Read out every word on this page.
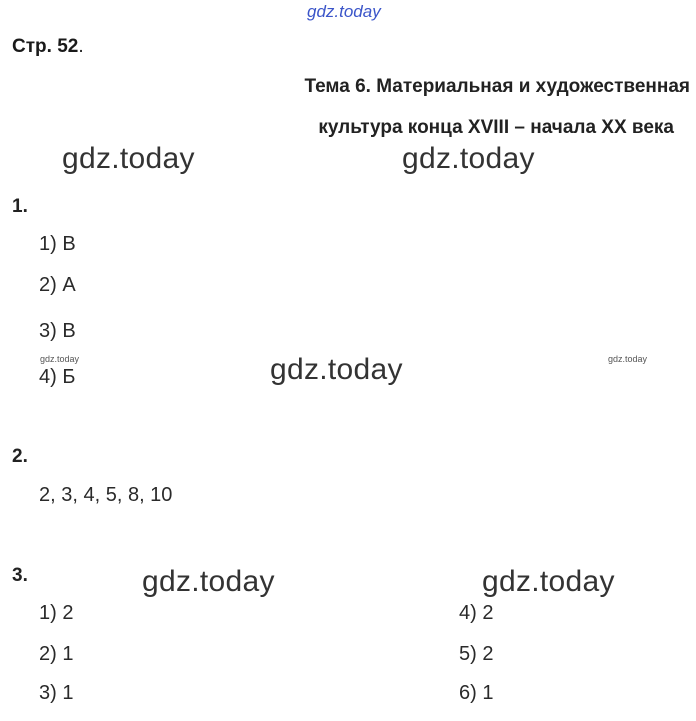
gdz.today
Стр. 52.
Тема 6. Материальная и художественная
культура конца XVIII – начала XX века
gdz.today	gdz.today
1.
1) В
2) А
3) В
gdz.today	gdz.today
4) Б	gdz.today
2.
2, 3, 4, 5, 8, 10
3.	gdz.today	gdz.today
1) 2
2) 1
3) 1
4) 2
5) 2
6) 1
